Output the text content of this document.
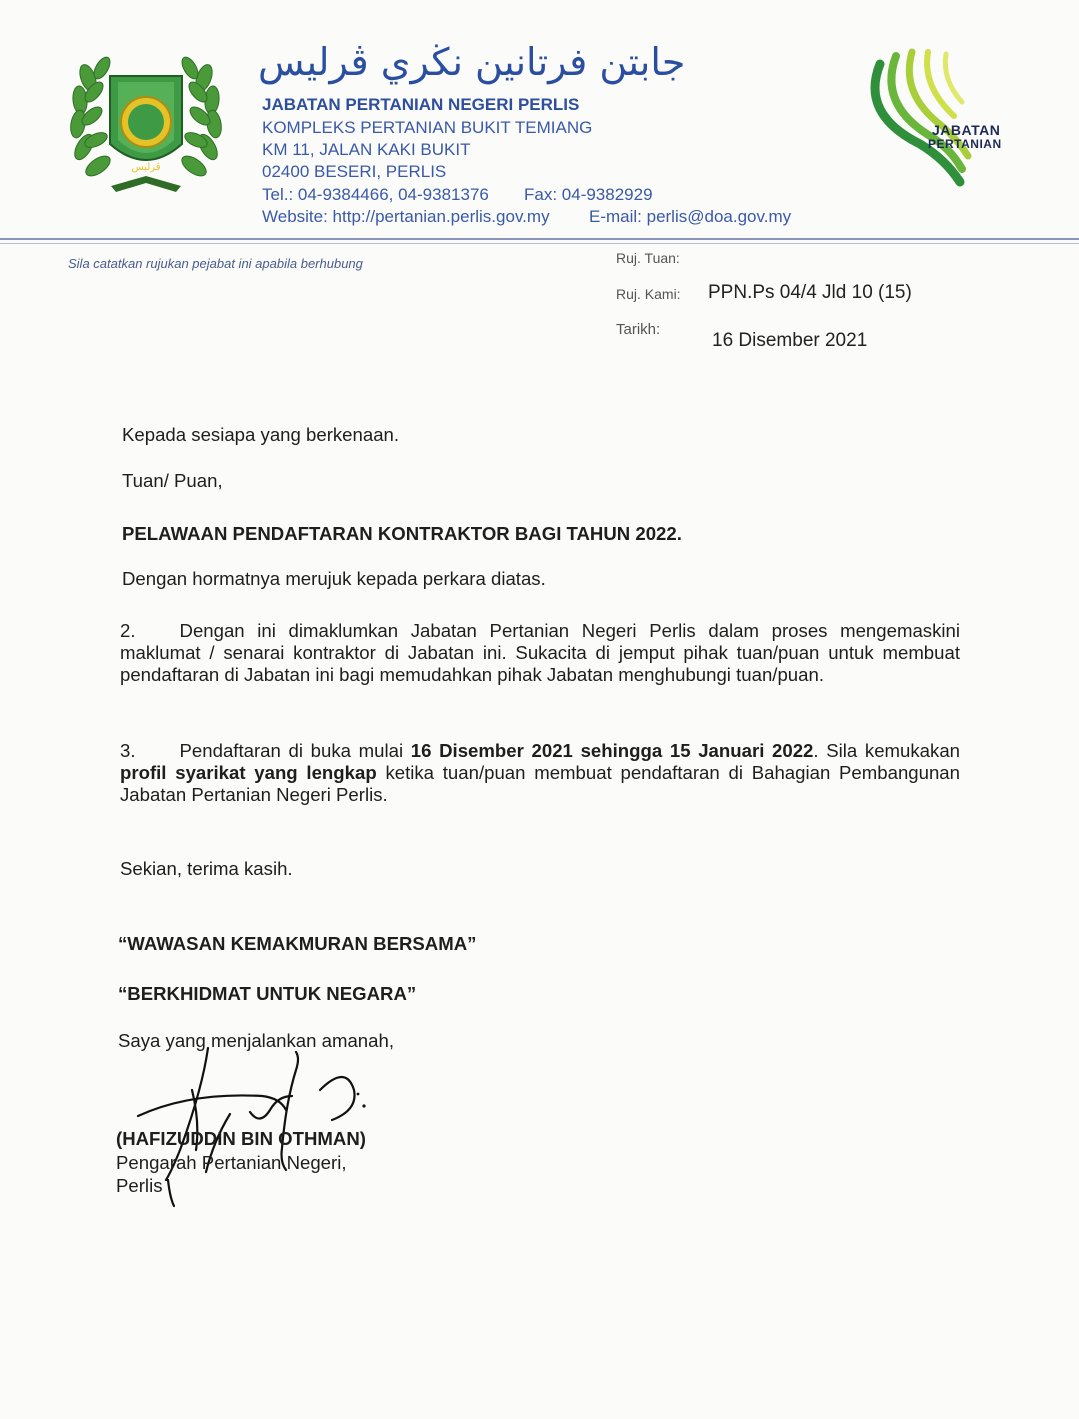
ڤرليس
جابتن فرتانين نڬري ڤرليس
JABATAN PERTANIAN NEGERI PERLIS
KOMPLEKS PERTANIAN BUKIT TEMIANG
KM 11, JALAN KAKI BUKIT
02400 BESERI, PERLIS
Tel.: 04-9384466, 04-9381376 Fax: 04-9382929
Website: http://pertanian.perlis.gov.my E-mail: perlis@doa.gov.my
JABATAN
PERTANIAN
Sila catatkan rujukan pejabat ini apabila berhubung	Ruj. Tuan:
Ruj. Kami: PPN.Ps 04/4 Jld 10 (15)
Tarikh:
16 Disember 2021
Kepada sesiapa yang berkenaan.
Tuan/ Puan,
PELAWAAN PENDAFTARAN KONTRAKTOR BAGI TAHUN 2022.
Dengan hormatnya merujuk kepada perkara diatas.
2. Dengan ini dimaklumkan Jabatan Pertanian Negeri Perlis dalam proses mengemaskini maklumat / senarai kontraktor di Jabatan ini. Sukacita di jemput pihak tuan/puan untuk membuat pendaftaran di Jabatan ini bagi memudahkan pihak Jabatan menghubungi tuan/puan.
3. Pendaftaran di buka mulai 16 Disember 2021 sehingga 15 Januari 2022. Sila kemukakan profil syarikat yang lengkap ketika tuan/puan membuat pendaftaran di Bahagian Pembangunan Jabatan Pertanian Negeri Perlis.
Sekian, terima kasih.
“WAWASAN KEMAKMURAN BERSAMA”
“BERKHIDMAT UNTUK NEGARA”
Saya yang menjalankan amanah,
(HAFIZUDDIN BIN OTHMAN)
Pengarah Pertanian Negeri,
Perlis
